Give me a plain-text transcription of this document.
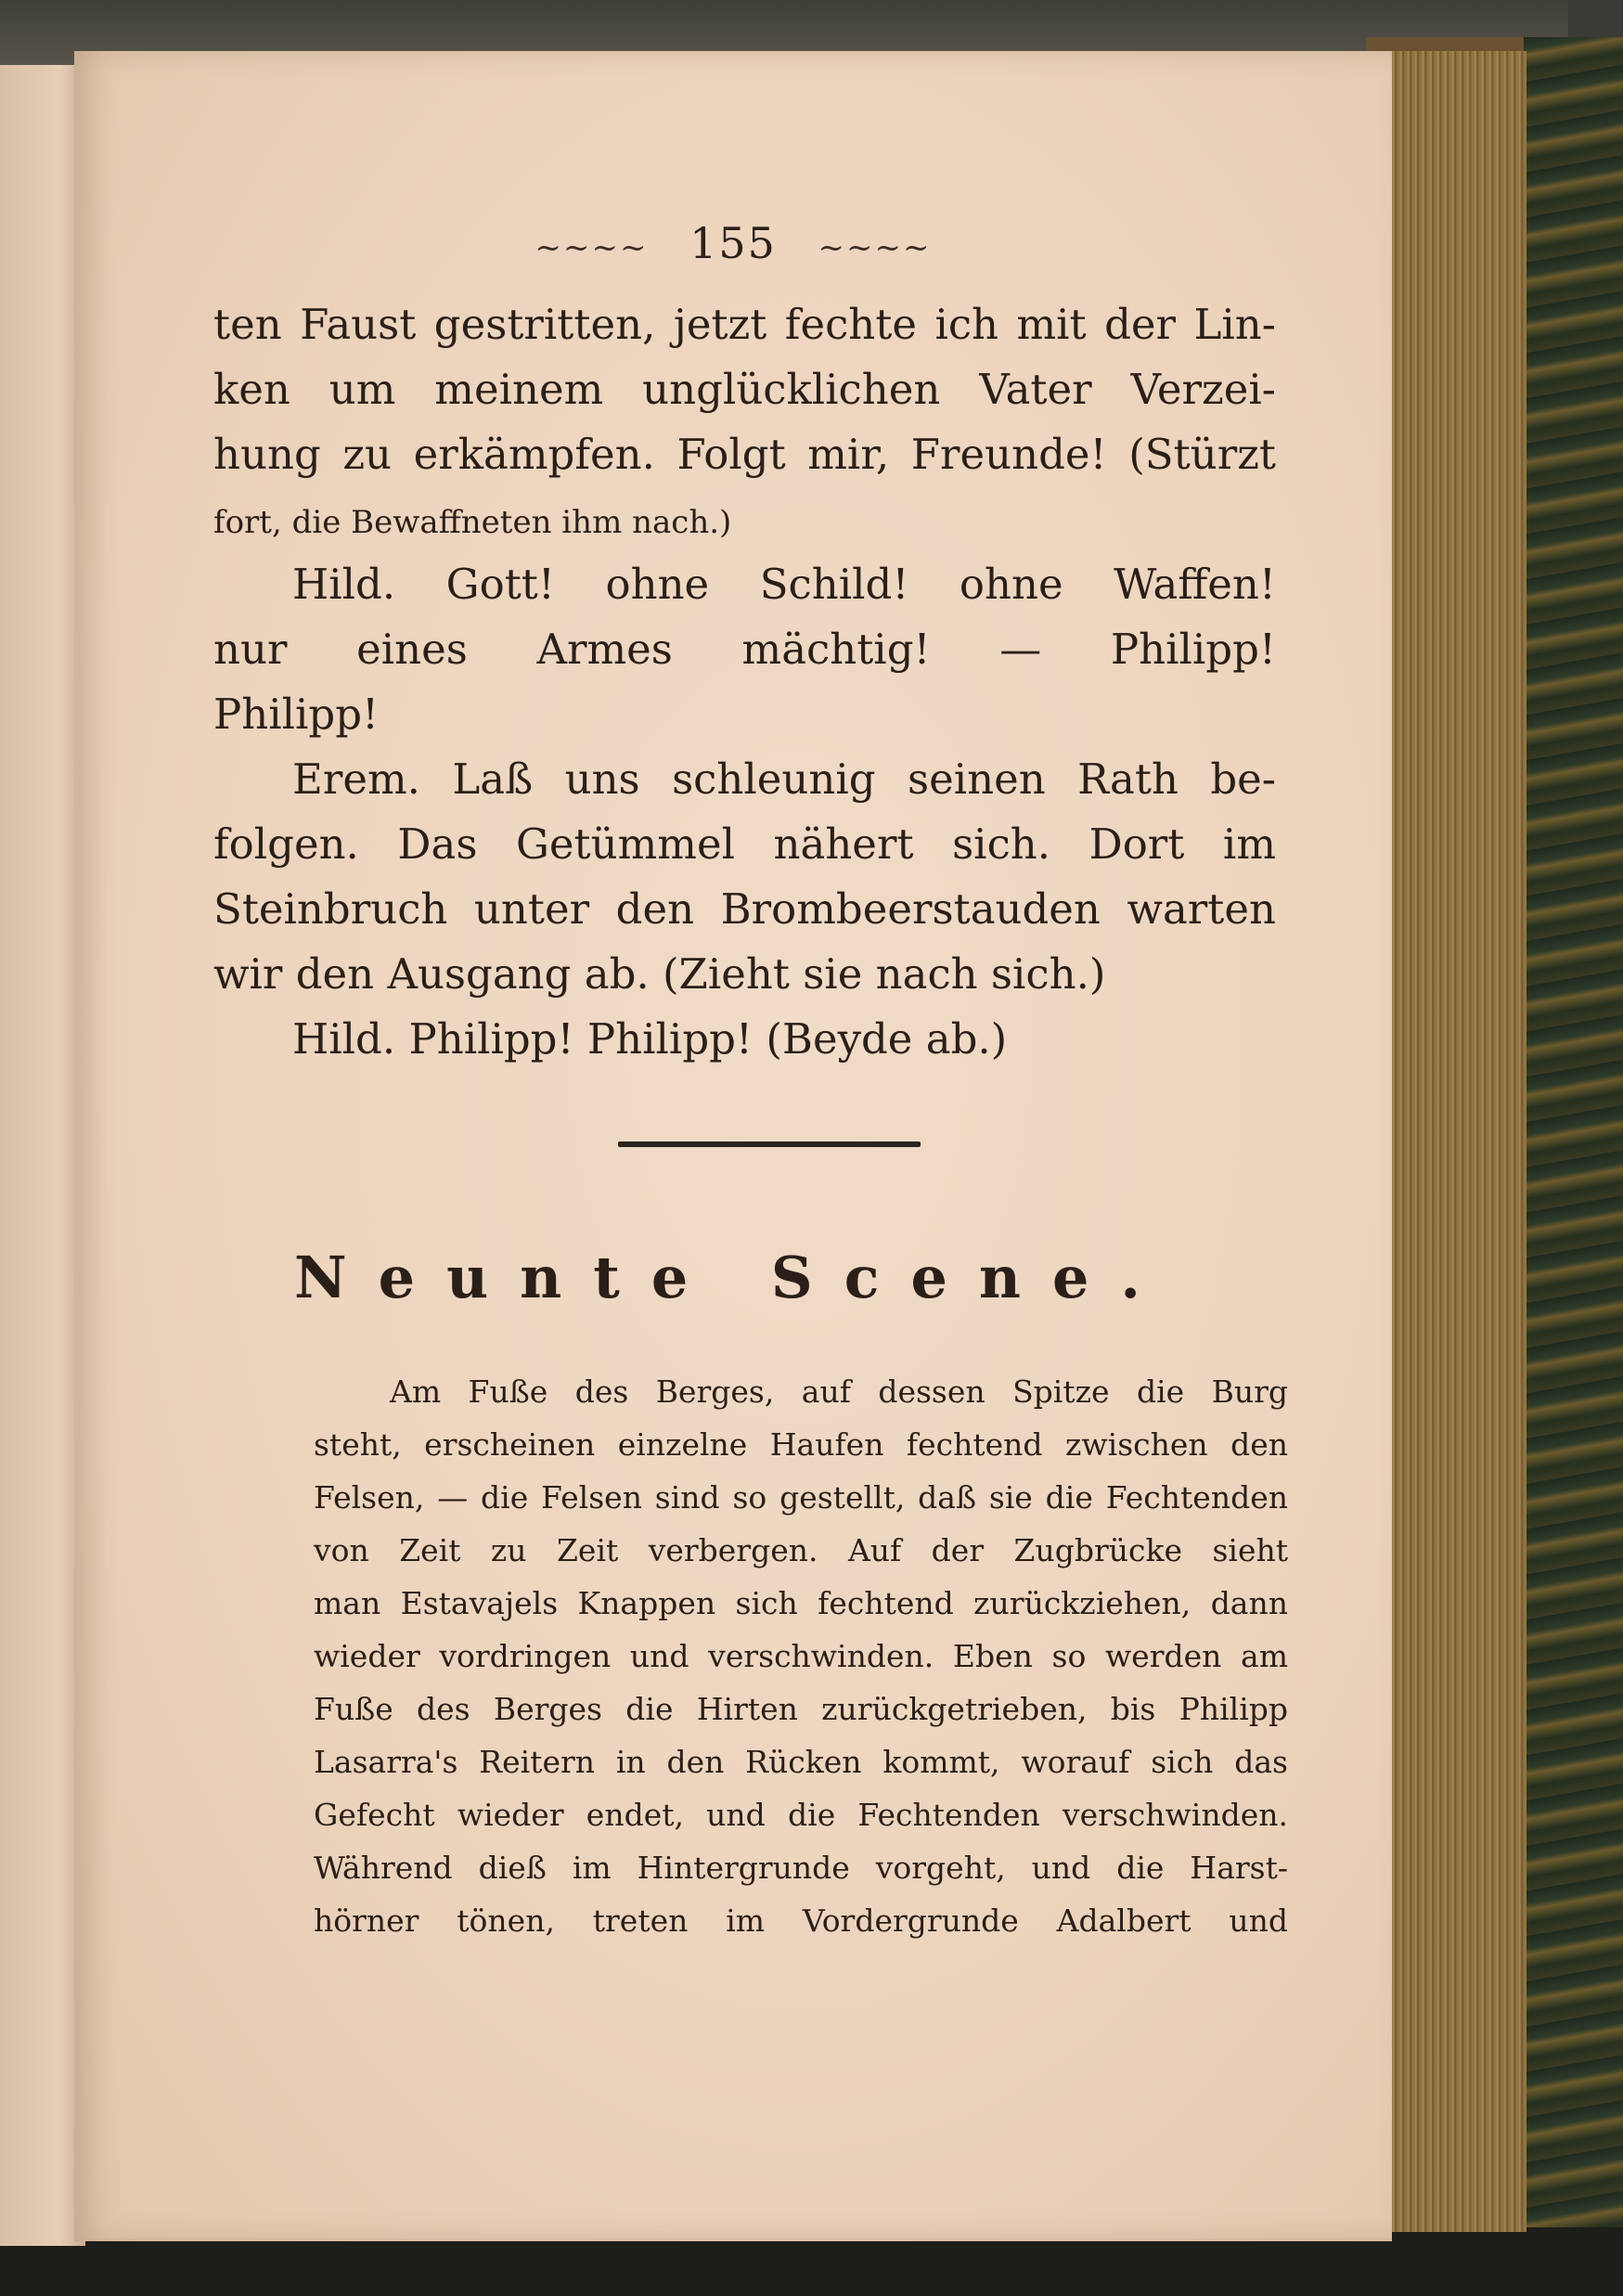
~~~~ 155 ~~~~
ten Faust gestritten, jetzt fechte ich mit der Lin-
ken um meinem unglücklichen Vater Verzei-
hung zu erkämpfen. Folgt mir, Freunde! (Stürzt
fort, die Bewaffneten ihm nach.)
Hild. Gott! ohne Schild! ohne Waffen!
nur eines Armes mächtig! — Philipp!
Philipp!
Erem. Laß uns schleunig seinen Rath be-
folgen. Das Getümmel nähert sich. Dort im
Steinbruch unter den Brombeerstauden warten
wir den Ausgang ab. (Zieht sie nach sich.)
Hild. Philipp! Philipp! (Beyde ab.)
Neunte Scene.
Am Fuße des Berges, auf dessen Spitze die Burg
steht, erscheinen einzelne Haufen fechtend zwischen den
Felsen, — die Felsen sind so gestellt, daß sie die Fechtenden
von Zeit zu Zeit verbergen. Auf der Zugbrücke sieht
man Estavajels Knappen sich fechtend zurückziehen, dann
wieder vordringen und verschwinden. Eben so werden am
Fuße des Berges die Hirten zurückgetrieben, bis Philipp
Lasarra's Reitern in den Rücken kommt, worauf sich das
Gefecht wieder endet, und die Fechtenden verschwinden.
Während dieß im Hintergrunde vorgeht, und die Harst-
hörner tönen, treten im Vordergrunde Adalbert und
